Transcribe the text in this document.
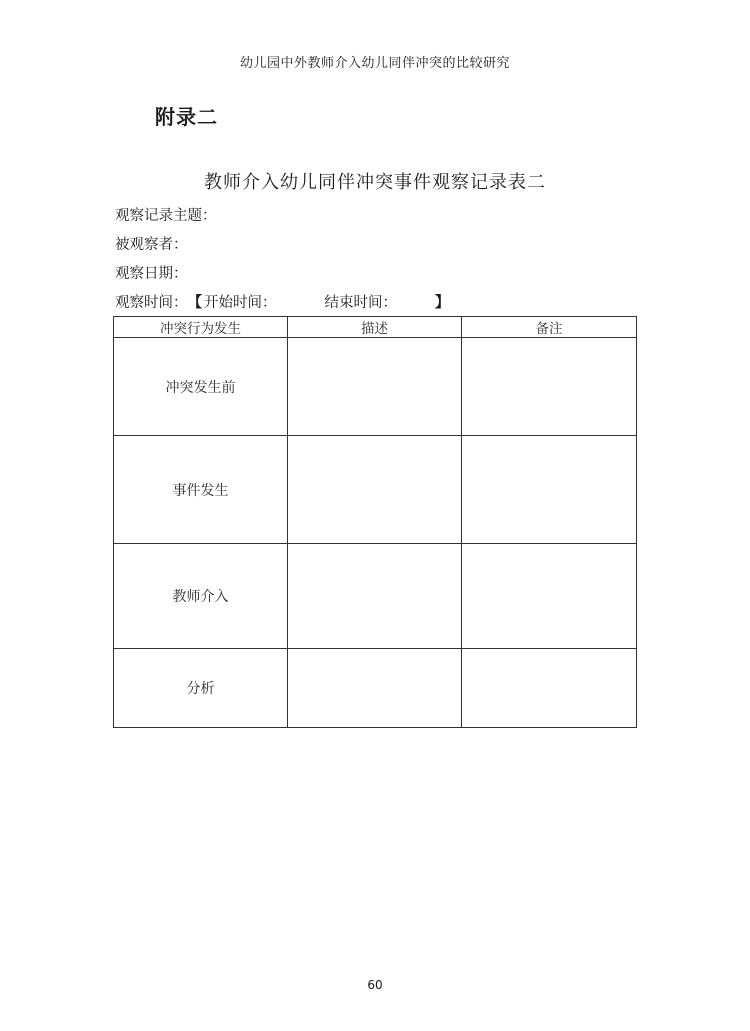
幼儿园中外教师介入幼儿同伴冲突的比较研究
附录二
教师介入幼儿同伴冲突事件观察记录表二
观察记录主题：
被观察者：
观察日期：
观察时间：【 开始时间：	结束时间：	】
冲突行为发生	描述	备注
冲突发生前		
事件发生		
教师介入		
分析		
60
